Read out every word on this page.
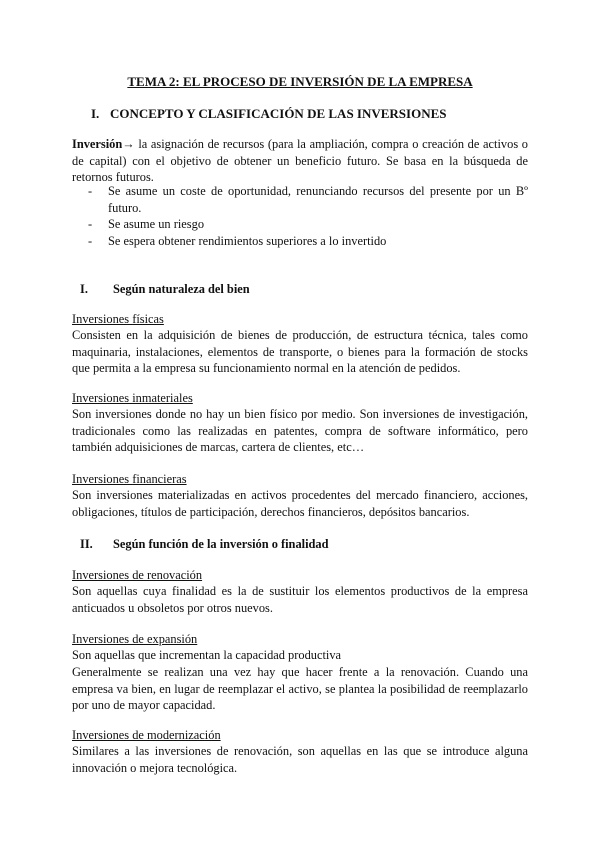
TEMA 2: EL PROCESO DE INVERSIÓN DE LA EMPRESA
I. CONCEPTO Y CLASIFICACIÓN DE LAS INVERSIONES
Inversión→ la asignación de recursos (para la ampliación, compra o creación de activos o de capital) con el objetivo de obtener un beneficio futuro. Se basa en la búsqueda de retornos futuros.
- Se asume un coste de oportunidad, renunciando recursos del presente por un Bº futuro.
- Se asume un riesgo
- Se espera obtener rendimientos superiores a lo invertido
I. Según naturaleza del bien
Inversiones físicas
Consisten en la adquisición de bienes de producción, de estructura técnica, tales como maquinaria, instalaciones, elementos de transporte, o bienes para la formación de stocks que permita a la empresa su funcionamiento normal en la atención de pedidos.
Inversiones inmateriales
Son inversiones donde no hay un bien físico por medio. Son inversiones de investigación, tradicionales como las realizadas en patentes, compra de software informático, pero también adquisiciones de marcas, cartera de clientes, etc…
Inversiones financieras
Son inversiones materializadas en activos procedentes del mercado financiero, acciones, obligaciones, títulos de participación, derechos financieros, depósitos bancarios.
II. Según función de la inversión o finalidad
Inversiones de renovación
Son aquellas cuya finalidad es la de sustituir los elementos productivos de la empresa anticuados u obsoletos por otros nuevos.
Inversiones de expansión
Son aquellas que incrementan la capacidad productiva
Generalmente se realizan una vez hay que hacer frente a la renovación. Cuando una empresa va bien, en lugar de reemplazar el activo, se plantea la posibilidad de reemplazarlo por uno de mayor capacidad.
Inversiones de modernización
Similares a las inversiones de renovación, son aquellas en las que se introduce alguna innovación o mejora tecnológica.
